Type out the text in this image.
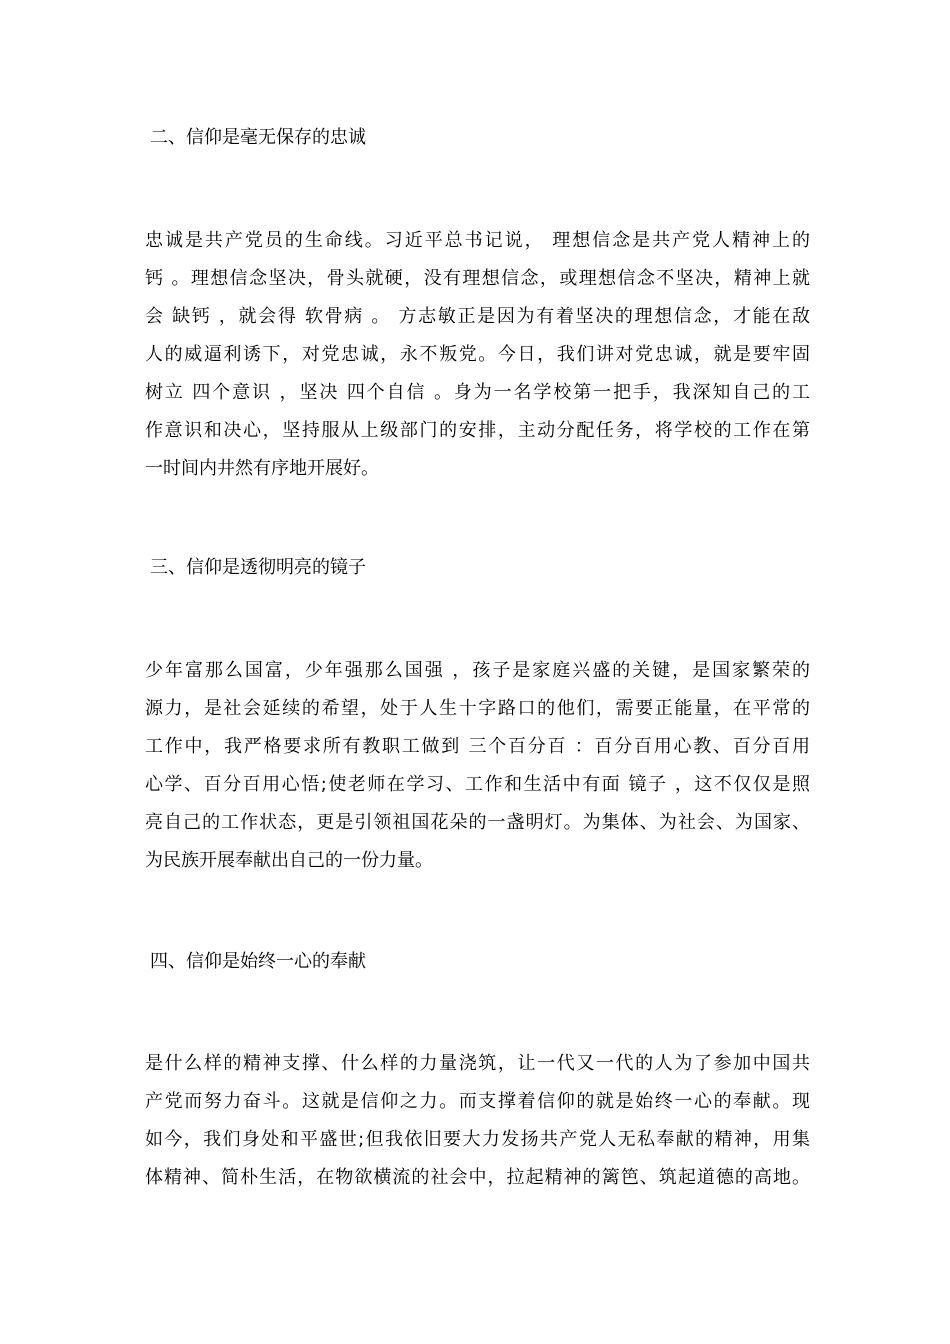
二、信仰是毫无保存的忠诚
忠诚是共产党员的生命线。习近平总书记说， 理想信念是共产党人精神上的
钙 。理想信念坚决，骨头就硬，没有理想信念，或理想信念不坚决，精神上就
会 缺钙 ，就会得 软骨病 。 方志敏正是因为有着坚决的理想信念，才能在敌
人的威逼利诱下，对党忠诚，永不叛党。今日，我们讲对党忠诚，就是要牢固
树立 四个意识 ，坚决 四个自信 。身为一名学校第一把手，我深知自己的工
作意识和决心，坚持服从上级部门的安排，主动分配任务，将学校的工作在第
一时间内井然有序地开展好。
三、信仰是透彻明亮的镜子
少年富那么国富，少年强那么国强 ，孩子是家庭兴盛的关键，是国家繁荣的
源力，是社会延续的希望，处于人生十字路口的他们，需要正能量，在平常的
工作中，我严格要求所有教职工做到 三个百分百 ：百分百用心教、百分百用
心学、百分百用心悟;使老师在学习、工作和生活中有面 镜子 ，这不仅仅是照
亮自己的工作状态，更是引领祖国花朵的一盏明灯。为集体、为社会、为国家、
为民族开展奉献出自己的一份力量。
四、信仰是始终一心的奉献
是什么样的精神支撑、什么样的力量浇筑，让一代又一代的人为了参加中国共
产党而努力奋斗。这就是信仰之力。而支撑着信仰的就是始终一心的奉献。现
如今，我们身处和平盛世;但我依旧要大力发扬共产党人无私奉献的精神，用集
体精神、简朴生活，在物欲横流的社会中，拉起精神的篱笆、筑起道德的高地。
